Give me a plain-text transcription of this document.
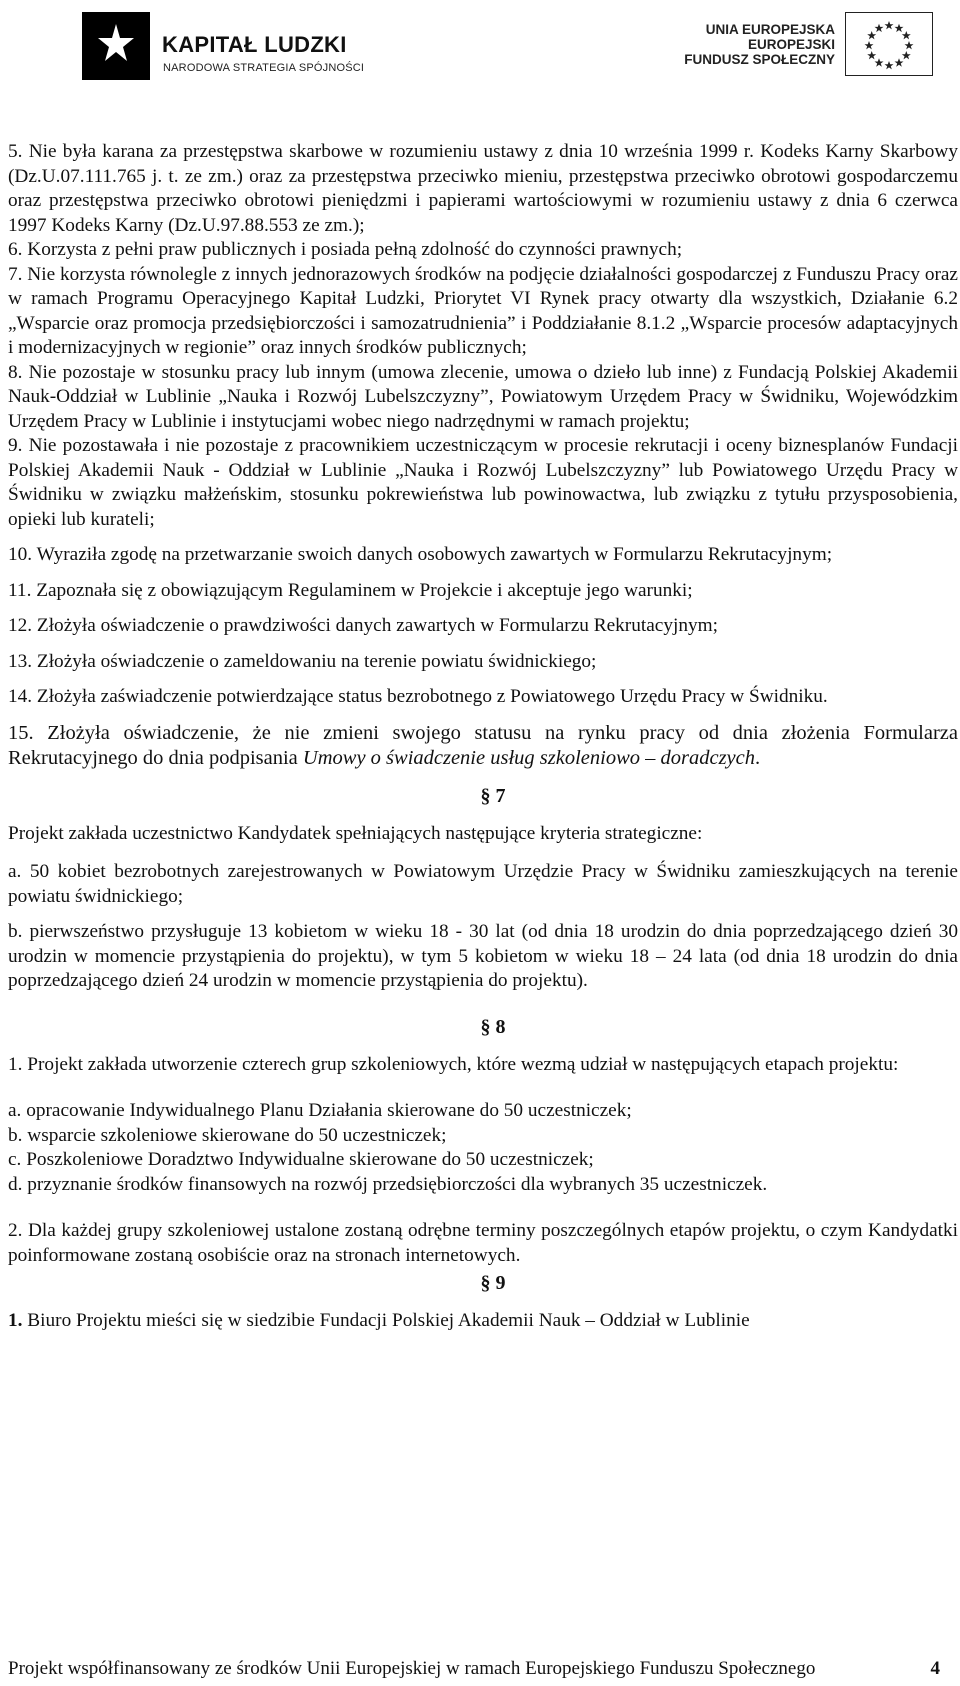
KAPITAŁ LUDZKI
NARODOWA STRATEGIA SPÓJNOŚCI
UNIA EUROPEJSKA
EUROPEJSKI
FUNDUSZ SPOŁECZNY

5. Nie była karana za przestępstwa skarbowe w rozumieniu ustawy z dnia 10 września 1999 r. Kodeks Karny Skarbowy (Dz.U.07.111.765 j. t. ze zm.) oraz za przestępstwa przeciwko mieniu, przestępstwa przeciwko obrotowi gospodarczemu oraz przestępstwa przeciwko obrotowi pieniędzmi i papierami wartościowymi w rozumieniu ustawy z dnia 6 czerwca 1997 Kodeks Karny (Dz.U.97.88.553 ze zm.);

6. Korzysta z pełni praw publicznych i posiada pełną zdolność do czynności prawnych;

7. Nie korzysta równolegle z innych jednorazowych środków na podjęcie działalności gospodarczej z Funduszu Pracy oraz w ramach Programu Operacyjnego Kapitał Ludzki, Priorytet VI Rynek pracy otwarty dla wszystkich, Działanie 6.2 „Wsparcie oraz promocja przedsiębiorczości i samozatrudnienia” i Poddziałanie 8.1.2 „Wsparcie procesów adaptacyjnych i modernizacyjnych w regionie” oraz innych środków publicznych;

8. Nie pozostaje w stosunku pracy lub innym (umowa zlecenie, umowa o dzieło lub inne) z Fundacją Polskiej Akademii Nauk-Oddział w Lublinie „Nauka i Rozwój Lubelszczyzny”, Powiatowym Urzędem Pracy w Świdniku, Wojewódzkim Urzędem Pracy w Lublinie i instytucjami wobec niego nadrzędnymi w ramach projektu;

9. Nie pozostawała i nie pozostaje z pracownikiem uczestniczącym w procesie rekrutacji i oceny biznesplanów Fundacji Polskiej Akademii Nauk - Oddział w Lublinie „Nauka i Rozwój Lubelszczyzny” lub Powiatowego Urzędu Pracy w Świdniku w związku małżeńskim, stosunku pokrewieństwa lub powinowactwa, lub związku z tytułu przysposobienia, opieki lub kurateli;

10. Wyraziła zgodę na przetwarzanie swoich danych osobowych zawartych w Formularzu Rekrutacyjnym;

11. Zapoznała się z obowiązującym Regulaminem w Projekcie i akceptuje jego warunki;

12. Złożyła oświadczenie o prawdziwości danych zawartych w Formularzu Rekrutacyjnym;

13. Złożyła oświadczenie o zameldowaniu na terenie powiatu świdnickiego;

14. Złożyła zaświadczenie potwierdzające status bezrobotnego z Powiatowego Urzędu Pracy w Świdniku.

15. Złożyła oświadczenie, że nie zmieni swojego statusu na rynku pracy od dnia złożenia Formularza Rekrutacyjnego do dnia podpisania Umowy o świadczenie usług szkoleniowo – doradczych.

§ 7

Projekt zakłada uczestnictwo Kandydatek spełniających następujące kryteria strategiczne:

a. 50 kobiet bezrobotnych zarejestrowanych w Powiatowym Urzędzie Pracy w Świdniku zamieszkujących na terenie powiatu świdnickiego;

b. pierwszeństwo przysługuje 13 kobietom w wieku 18 - 30 lat (od dnia 18 urodzin do dnia poprzedzającego dzień 30 urodzin w momencie przystąpienia do projektu), w tym 5 kobietom w wieku 18 – 24 lata (od dnia 18 urodzin do dnia poprzedzającego dzień 24 urodzin w momencie przystąpienia do projektu).

§ 8

1. Projekt zakłada utworzenie czterech grup szkoleniowych, które wezmą udział w następujących etapach projektu:

a. opracowanie Indywidualnego Planu Działania skierowane do 50 uczestniczek;

b. wsparcie szkoleniowe skierowane do 50 uczestniczek;

c. Poszkoleniowe Doradztwo Indywidualne skierowane do 50 uczestniczek;

d. przyznanie środków finansowych na rozwój przedsiębiorczości dla wybranych 35 uczestniczek.

2. Dla każdej grupy szkoleniowej ustalone zostaną odrębne terminy poszczególnych etapów projektu, o czym Kandydatki poinformowane zostaną osobiście oraz na stronach internetowych.

§ 9

1. Biuro Projektu mieści się w siedzibie Fundacji Polskiej Akademii Nauk – Oddział w Lublinie

Projekt współfinansowany ze środków Unii Europejskiej w ramach Europejskiego Funduszu Społecznego	4
